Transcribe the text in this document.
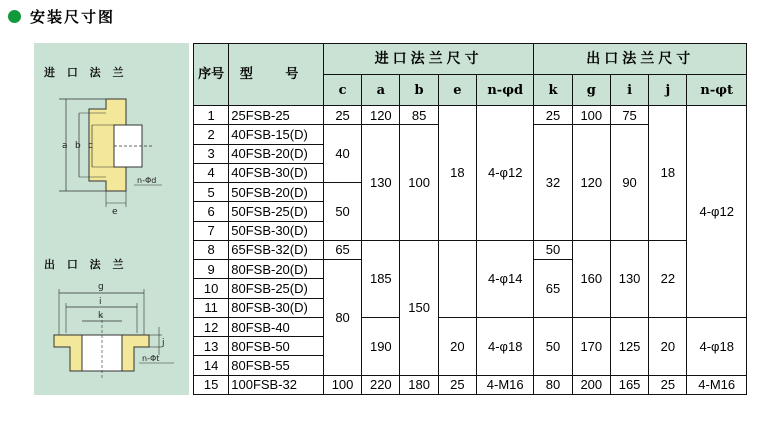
安装尺寸图
进 口 法 兰
a b c
e
n-Φd
出 口 法 兰
g
i
k
j
n-Φt
序号	型 号	进口法兰尺寸					出口法兰尺寸				
		c	a	b	e	n-φd	k	g	i	j	n-φt
1	25FSB-25	25	120	85	18	4-φ12	25	100	75	18	4-φ12
2	40FSB-15(D)	40	130	100			32	120	90		
3	40FSB-20(D)										
4	40FSB-30(D)										
5	50FSB-20(D)	50									
6	50FSB-25(D)										
7	50FSB-30(D)										
8	65FSB-32(D)	65	185	150		4-φ14	50	160	130	22	
9	80FSB-20(D)	80					65				
10	80FSB-25(D)										
11	80FSB-30(D)										
12	80FSB-40		190		20	4-φ18	50	170	125	20	4-φ18
13	80FSB-50										
14	80FSB-55										
15	100FSB-32	100	220	180	25	4-M16	80	200	165	25	4-M16
